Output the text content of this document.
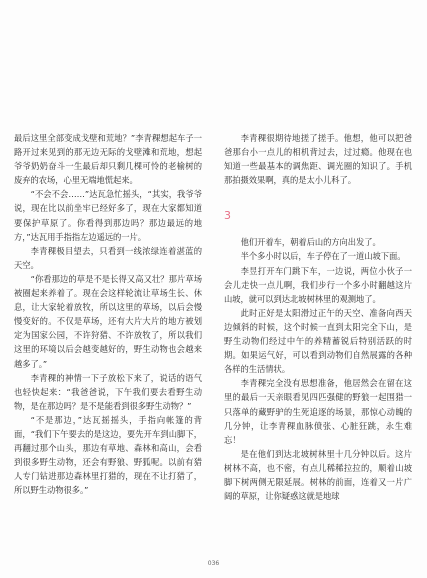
最后这里全部变成戈壁和荒地？”李青稞想起车子一路开过来见到的那无边无际的戈壁滩和荒地，想起爷爷奶奶奋斗一生最后却只剩几棵可怜的老榆树的废弃的农场，心里无端地慌起来。

“不会不会……”达瓦急忙摇头，“其实，我爷爷说，现在比以前坐牢已经好多了，现在大家都知道要保护草原了。你看得到那边吗？那边最远的地方，”达瓦用手指指左边遥远的一片。

李青稞极目望去，只看到一线浓绿连着湛蓝的天空。

“你看那边的草是不是长得又高又壮？那片草场被圈起来养着了。现在会这样轮流让草场生长、休息，让大家轮着放牧，所以这里的草场，以后会慢慢变好的。不仅是草场，还有大片大片的地方被划定为国家公园，不许狩猎、不许放牧了，所以我们这里的环境以后会越变越好的，野生动物也会越来越多了。”

李青稞的神情一下子放松下来了，说话的语气也轻快起来：“我爸爸说，下午我们要去看野生动物，是在那边吗？是不是能看到很多野生动物？”

“不是那边，”达瓦摇摇头，手指向帐篷的背面，“我们下午要去的是这边，要先开车到山脚下，再翻过那个山头，那边有草地、森林和高山，会看到很多野生动物，还会有野狼、野狐呢。以前有猎人专门钻进那边森林里打猎的，现在不让打猎了，所以野生动物很多。”

李青稞很期待地搓了搓手。他想，他可以把爸爸那台小一点儿的相机背过去，过过瘾。他现在也知道一些最基本的调焦距、调光圈的知识了。手机那拍摄效果啊，真的是太小儿科了。

3

他们开着车，朝着后山的方向出发了。

半个多小时以后，车子停在了一道山坡下面。

李昱打开车门跳下车，一边说，两位小伙子一会儿走快一点儿啊，我们步行一个多小时翻越这片山坡，就可以到达北坡树林里的观测地了。

此时正好是太阳滑过正午的天空、准备向西天边倾斜的时候，这个时候一直到太阳完全下山，是野生动物们经过中午的养精蓄锐后特别活跃的时期。如果运气好，可以看到动物们自然展露的各种各样的生活情状。

李青稞完全没有思想准备，他居然会在留在这里的最后一天亲眼看见四匹强健的野狼一起围猎一只落单的藏野驴的生死追逐的场景，那惊心动魄的几分钟，让李青稞血脉偾张、心脏狂跳，永生难忘！

是在他们到达北坡树林里十几分钟以后。这片树林不高，也不密，有点儿稀稀拉拉的，顺着山坡脚下树两侧无限延展。树林的前面，连着又一片广阔的草原，让你疑惑这就是地球

036
